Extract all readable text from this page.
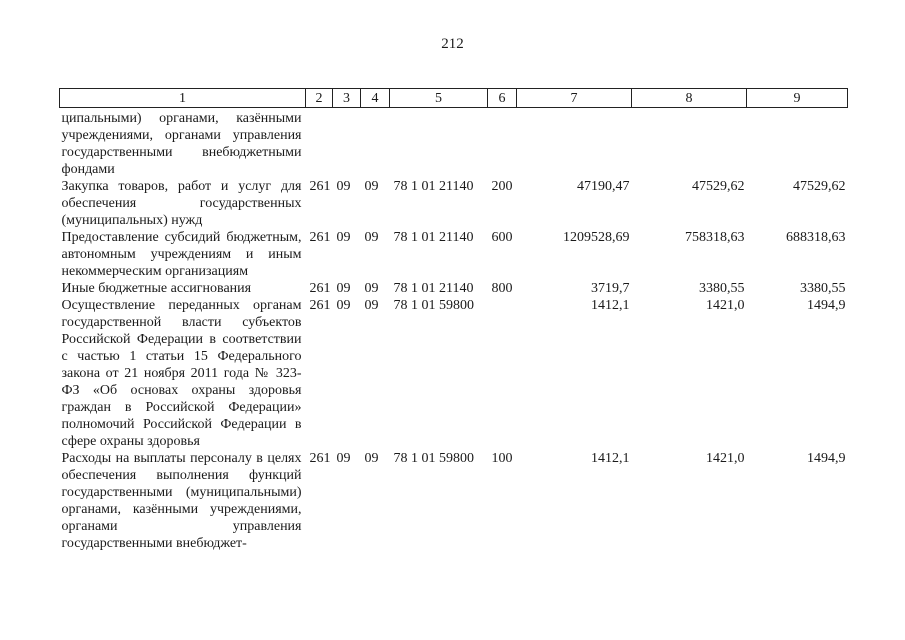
212
1	2	3	4	5	6	7	8	9
ципальными) органами, казёнными учреждениями, органами управления государственными внебюджетными фондами								
Закупка товаров, работ и услуг для обеспечения государственных (муниципальных) нужд	261	09	09	78 1 01 21140	200	47190,47	47529,62	47529,62
Предоставление субсидий бюджетным, автономным учреждениям и иным некоммерческим организациям	261	09	09	78 1 01 21140	600	1209528,69	758318,63	688318,63
Иные бюджетные ассигнования	261	09	09	78 1 01 21140	800	3719,7	3380,55	3380,55
Осуществление переданных органам государственной власти субъектов Российской Федерации в соответствии с частью 1 статьи 15 Федерального закона от 21 ноября 2011 года № 323-ФЗ «Об основах охраны здоровья граждан в Российской Федерации» полномочий Российской Федерации в сфере охраны здоровья	261	09	09	78 1 01 59800		1412,1	1421,0	1494,9
Расходы на выплаты персоналу в целях обеспечения выполнения функций государственными (муниципальными) органами, казёнными учреждениями, органами управления государственными внебюджет-	261	09	09	78 1 01 59800	100	1412,1	1421,0	1494,9
